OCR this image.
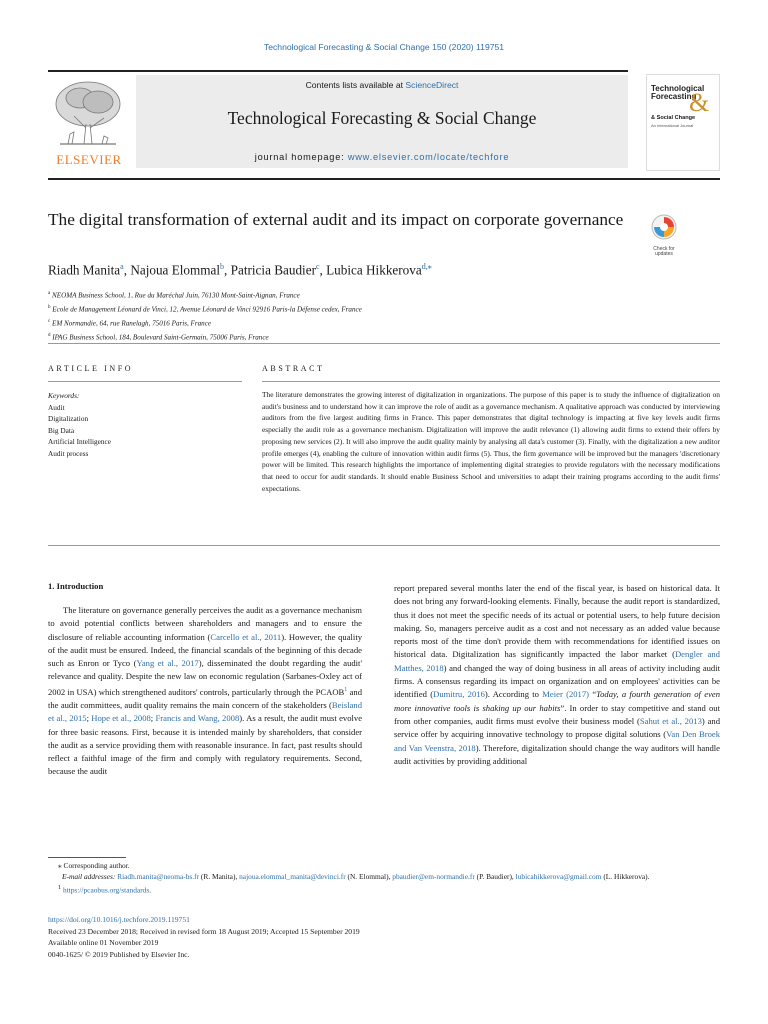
Technological Forecasting & Social Change 150 (2020) 119751
ELSEVIER
Contents lists available at ScienceDirect
Technological Forecasting & Social Change
journal homepage: www.elsevier.com/locate/techfore
Technological
Forecasting
&
& Social Change
An International Journal
The digital transformation of external audit and its impact on corporate governance
Check for updates
Riadh Manita$^a$, Najoua Elommal$^b$, Patricia Baudier$^c$, Lubica Hikkerova$^{d,⁎}$
$^a$ NEOMA Business School, 1, Rue du Maréchal Juin, 76130 Mont-Saint-Aignan, France
$^b$ Ecole de Management Léonard de Vinci, 12, Avenue Léonard de Vinci 92916 Paris-la Défense cedex, France
$^c$ EM Normandie, 64, rue Ranelagh, 75016 Paris, France
$^d$ IPAG Business School, 184, Boulevard Saint-Germain, 75006 Paris, France
ARTICLE INFO	ABSTRACT
Keywords:
Audit
Digitalization
Big Data
Artificial Intelligence
Audit process
The literature demonstrates the growing interest of digitalization in organizations. The purpose of this paper is to study the influence of digitalization on audit's business and to understand how it can improve the role of audit as a governance mechanism. A qualitative approach was conducted by interviewing auditors from the five largest auditing firms in France. This paper demonstrates that digital technology is impacting at five key levels audit firms especially the audit role as a governance mechanism. Digitalization will improve the audit relevance (1) allowing audit firms to extend their offers by proposing new services (2). It will also improve the audit quality mainly by analysing all data's customer (3). Finally, with the digitalization a new auditor profile emerges (4), enabling the culture of innovation within audit firms (5). Thus, the firm governance will be improved but the managers 'discretionary power will be limited. This research highlights the importance of implementing digital strategies to provide regulators with the necessary modifications that need to occur for audit standards. It should enable Business School and universities to adapt their training programs according to the audit firms' expectations.
1. Introduction

The literature on governance generally perceives the audit as a governance mechanism to avoid potential conflicts between shareholders and managers and to ensure the disclosure of reliable accounting information (Carcello et al., 2011). However, the quality of the audit must be ensured. Indeed, the financial scandals of the beginning of this decade such as Enron or Tyco (Yang et al., 2017), disseminated the doubt regarding the audit' relevance and quality. Despite the new law on economic regulation (Sarbanes-Oxley act of 2002 in USA) which strengthened auditors' controls, particularly through the PCAOB$^1$ and the audit committees, audit quality remains the main concern of the stakeholders (Beisland et al., 2015; Hope et al., 2008; Francis and Wang, 2008). As a result, the audit must evolve for three basic reasons. First, because it is intended mainly by shareholders, that consider the audit as a service providing them with reasonable insurance. In fact, past results should reflect a faithful image of the firm and comply with regulatory requirements. Second, because the audit

report prepared several months later the end of the fiscal year, is based on historical data. It does not bring any forward-looking elements. Finally, because the audit report is standardized, thus it does not meet the specific needs of its actual or potential users, to help future decision making. So, managers perceive audit as a cost and not necessary as an added value because reports most of the time don't provide them with recommendations for identified issues on historical data. Digitalization has significantly impacted the labor market (Dengler and Matthes, 2018) and changed the way of doing business in all areas of activity including audit firms. A consensus regarding its impact on organization and on employees' activities can be identified (Dumitru, 2016). According to Meier (2017) “Today, a fourth generation of even more innovative tools is shaking up our habits”. In order to stay competitive and stand out from other companies, audit firms must evolve their business model (Sahut et al., 2013) and service offer by acquiring innovative technology to propose digital solutions (Van Den Broek and Van Veenstra, 2018). Therefore, digitalization should change the way auditors will handle audit activities by providing additional

⁎ Corresponding author.

E-mail addresses: Riadh.manita@neoma-bs.fr (R. Manita), najoua.elommal_manita@devinci.fr (N. Elommal), pbaudier@em-normandie.fr (P. Baudier), lubicahikkerova@gmail.com (L. Hikkerova).

$^1$ https://pcaobus.org/standards.

https://doi.org/10.1016/j.techfore.2019.119751

Received 23 December 2018; Received in revised form 18 August 2019; Accepted 15 September 2019

Available online 01 November 2019

0040-1625/ © 2019 Published by Elsevier Inc.
